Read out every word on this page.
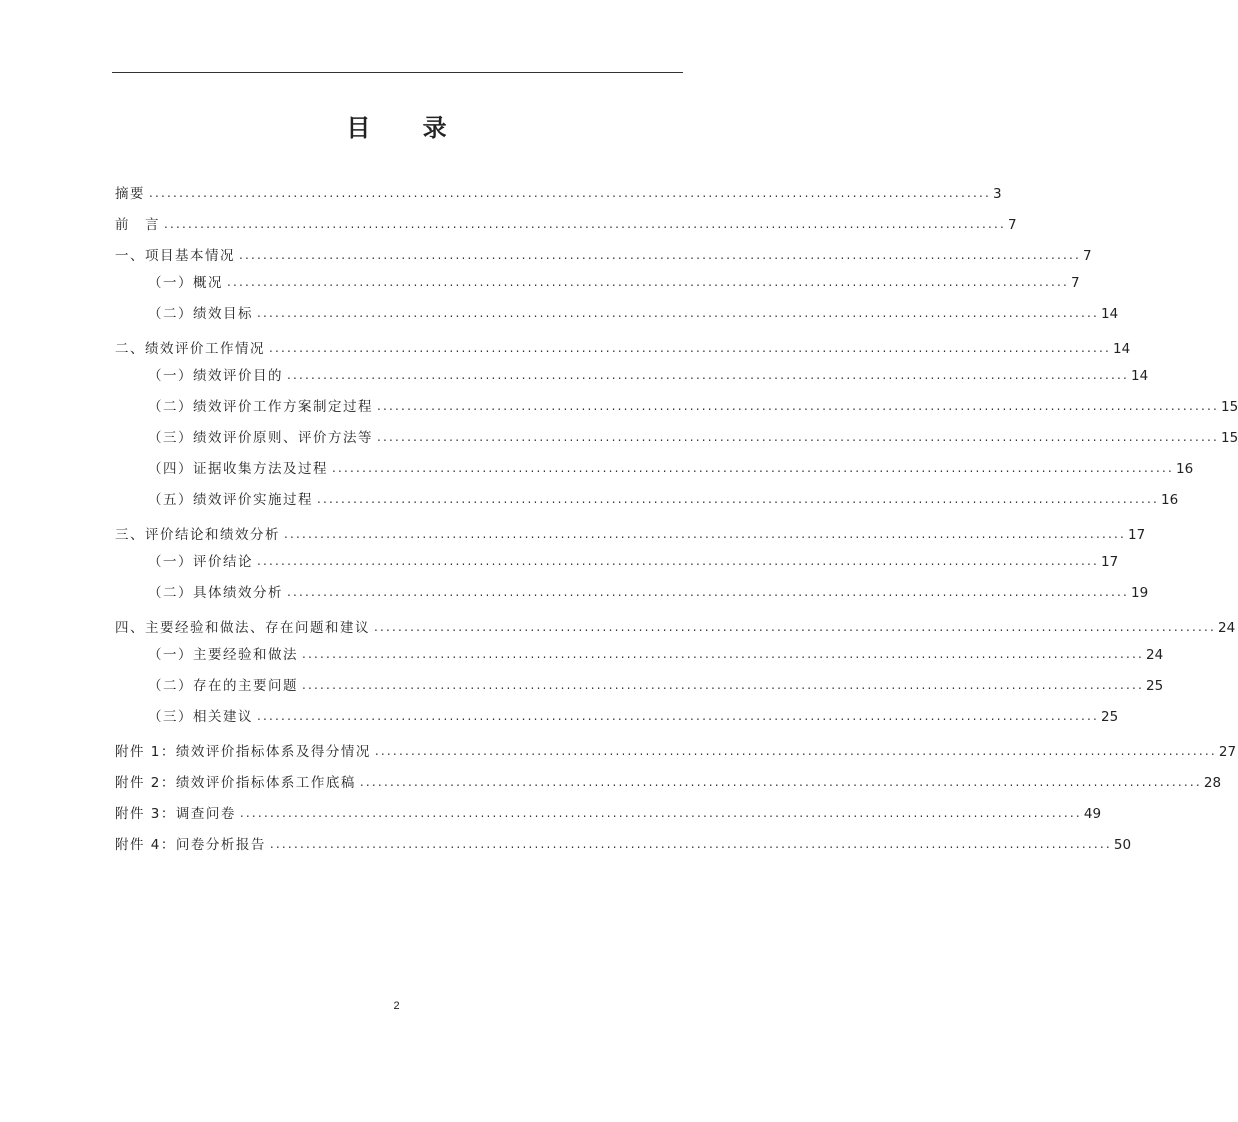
目 录
摘要 ............................................................................................................................................ 3
前　言 ............................................................................................................................................ 7
一、项目基本情况 ............................................................................................................................................ 7
（一）概况 ............................................................................................................................................ 7
（二）绩效目标 ............................................................................................................................................ 14
二、绩效评价工作情况 ............................................................................................................................................ 14
（一）绩效评价目的 ............................................................................................................................................ 14
（二）绩效评价工作方案制定过程 ............................................................................................................................................ 15
（三）绩效评价原则、评价方法等 ............................................................................................................................................ 15
（四）证据收集方法及过程 ............................................................................................................................................ 16
（五）绩效评价实施过程 ............................................................................................................................................ 16
三、评价结论和绩效分析 ............................................................................................................................................ 17
（一）评价结论 ............................................................................................................................................ 17
（二）具体绩效分析 ............................................................................................................................................ 19
四、主要经验和做法、存在问题和建议 ............................................................................................................................................ 24
（一）主要经验和做法 ............................................................................................................................................ 24
（二）存在的主要问题 ............................................................................................................................................ 25
（三）相关建议 ............................................................................................................................................ 25
附件 1：绩效评价指标体系及得分情况 ............................................................................................................................................ 27
附件 2：绩效评价指标体系工作底稿 ............................................................................................................................................ 28
附件 3：调查问卷 ............................................................................................................................................ 49
附件 4：问卷分析报告 ............................................................................................................................................ 50
2
